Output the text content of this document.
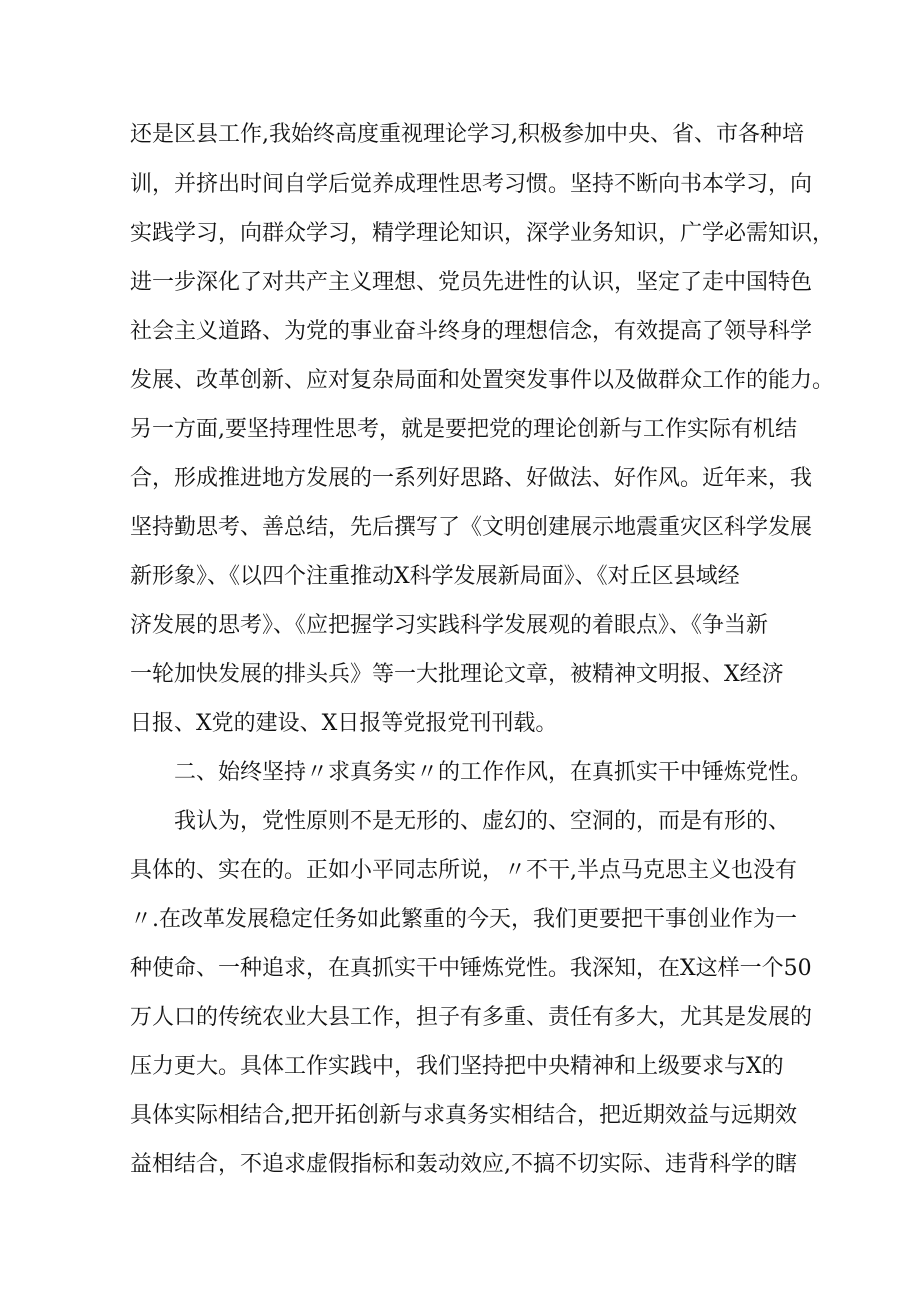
还是区县工作,我始终高度重视理论学习,积极参加中央、省、市各种培
训，并挤出时间自学后觉养成理性思考习惯。坚持不断向书本学习，向
实践学习，向群众学习，精学理论知识，深学业务知识，广学必需知识，
进一步深化了对共产主义理想、党员先进性的认识，坚定了走中国特色
社会主义道路、为党的事业奋斗终身的理想信念，有效提高了领导科学
发展、改革创新、应对复杂局面和处置突发事件以及做群众工作的能力。
另一方面,要坚持理性思考，就是要把党的理论创新与工作实际有机结
合，形成推进地方发展的一系列好思路、好做法、好作风。近年来，我
坚持勤思考、善总结，先后撰写了《文明创建展示地震重灾区科学发展
新形象》、《以四个注重推动X科学发展新局面》、《对丘区县域经
济发展的思考》、《应把握学习实践科学发展观的着眼点》、《争当新
一轮加快发展的排头兵》等一大批理论文章，被精神文明报、X经济
日报、X党的建设、X日报等党报党刊刊载。
二、始终坚持〃求真务实〃的工作作风，在真抓实干中锤炼党性。
我认为，党性原则不是无形的、虚幻的、空洞的，而是有形的、
具体的、实在的。正如小平同志所说，〃不干,半点马克思主义也没有
〃.在改革发展稳定任务如此繁重的今天，我们更要把干事创业作为一
种使命、一种追求，在真抓实干中锤炼党性。我深知，在X这样一个50
万人口的传统农业大县工作，担子有多重、责任有多大，尤其是发展的
压力更大。具体工作实践中，我们坚持把中央精神和上级要求与X的
具体实际相结合,把开拓创新与求真务实相结合，把近期效益与远期效
益相结合，不追求虚假指标和轰动效应,不搞不切实际、违背科学的瞎
